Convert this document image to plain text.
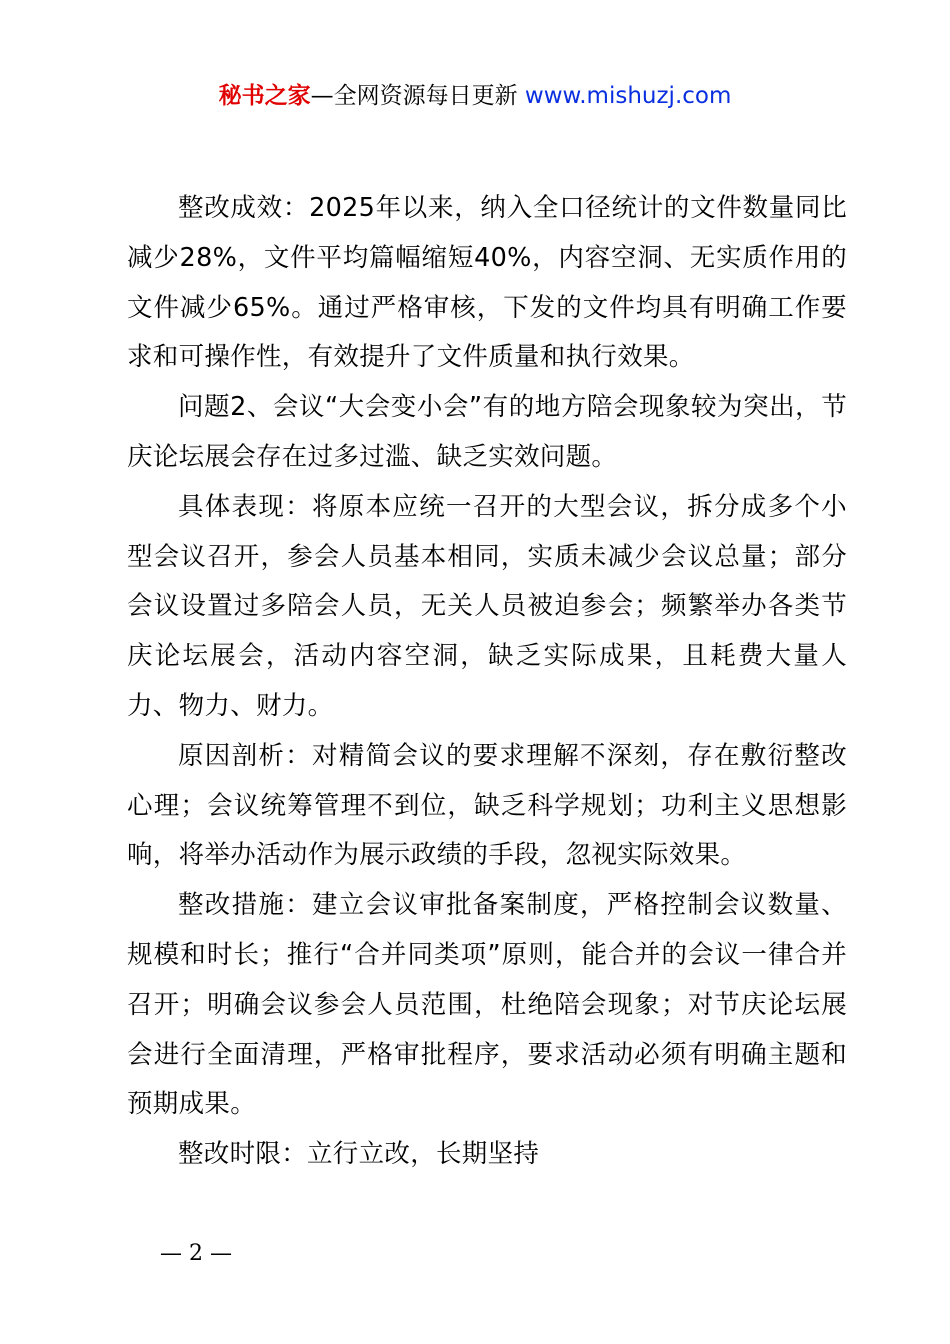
秘书之家—全网资源每日更新 www.mishuzj.com

整改成效：2025年以来，纳入全口径统计的文件数量同比减少28%，文件平均篇幅缩短40%，内容空洞、无实质作用的文件减少65%。通过严格审核，下发的文件均具有明确工作要求和可操作性，有效提升了文件质量和执行效果。

问题2、会议“大会变小会”有的地方陪会现象较为突出，节庆论坛展会存在过多过滥、缺乏实效问题。

具体表现：将原本应统一召开的大型会议，拆分成多个小型会议召开，参会人员基本相同，实质未减少会议总量；部分会议设置过多陪会人员，无关人员被迫参会；频繁举办各类节庆论坛展会，活动内容空洞，缺乏实际成果，且耗费大量人力、物力、财力。

原因剖析：对精简会议的要求理解不深刻，存在敷衍整改心理；会议统筹管理不到位，缺乏科学规划；功利主义思想影响，将举办活动作为展示政绩的手段，忽视实际效果。

整改措施：建立会议审批备案制度，严格控制会议数量、规模和时长；推行“合并同类项”原则，能合并的会议一律合并召开；明确会议参会人员范围，杜绝陪会现象；对节庆论坛展会进行全面清理，严格审批程序，要求活动必须有明确主题和预期成果。

整改时限：立行立改，长期坚持

— 2 —
